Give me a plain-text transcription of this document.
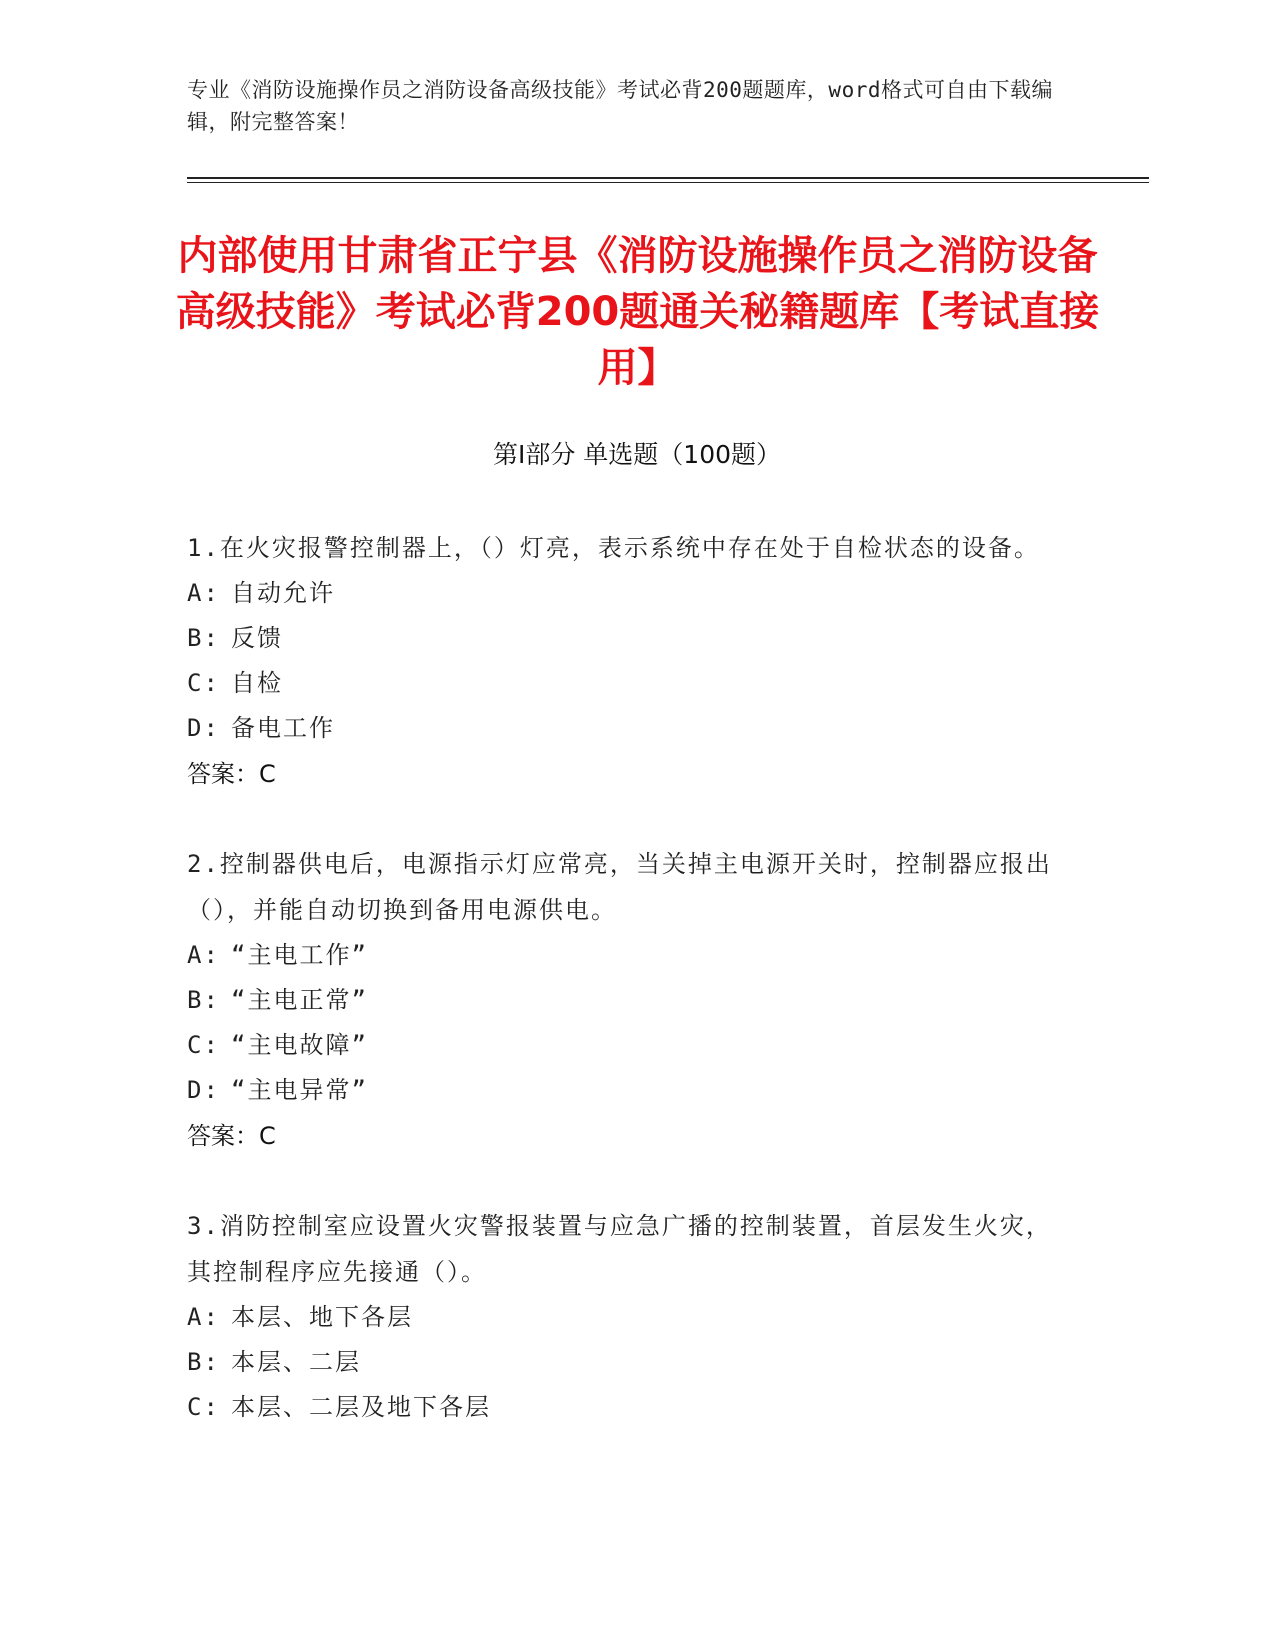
专业《消防设施操作员之消防设备高级技能》考试必背200题题库，word格式可自由下载编辑，附完整答案！
内部使用甘肃省正宁县《消防设施操作员之消防设备高级技能》考试必背200题通关秘籍题库【考试直接用】
第Ⅰ部分 单选题（100题）
1.在火灾报警控制器上，（）灯亮，表示系统中存在处于自检状态的设备。
A: 自动允许
B: 反馈
C: 自检
D: 备电工作
答案：C
2.控制器供电后，电源指示灯应常亮，当关掉主电源开关时，控制器应报出（），并能自动切换到备用电源供电。
A: “主电工作”
B: “主电正常”
C: “主电故障”
D: “主电异常”
答案：C
3.消防控制室应设置火灾警报装置与应急广播的控制装置，首层发生火灾，其控制程序应先接通（）。
A: 本层、地下各层
B: 本层、二层
C: 本层、二层及地下各层
